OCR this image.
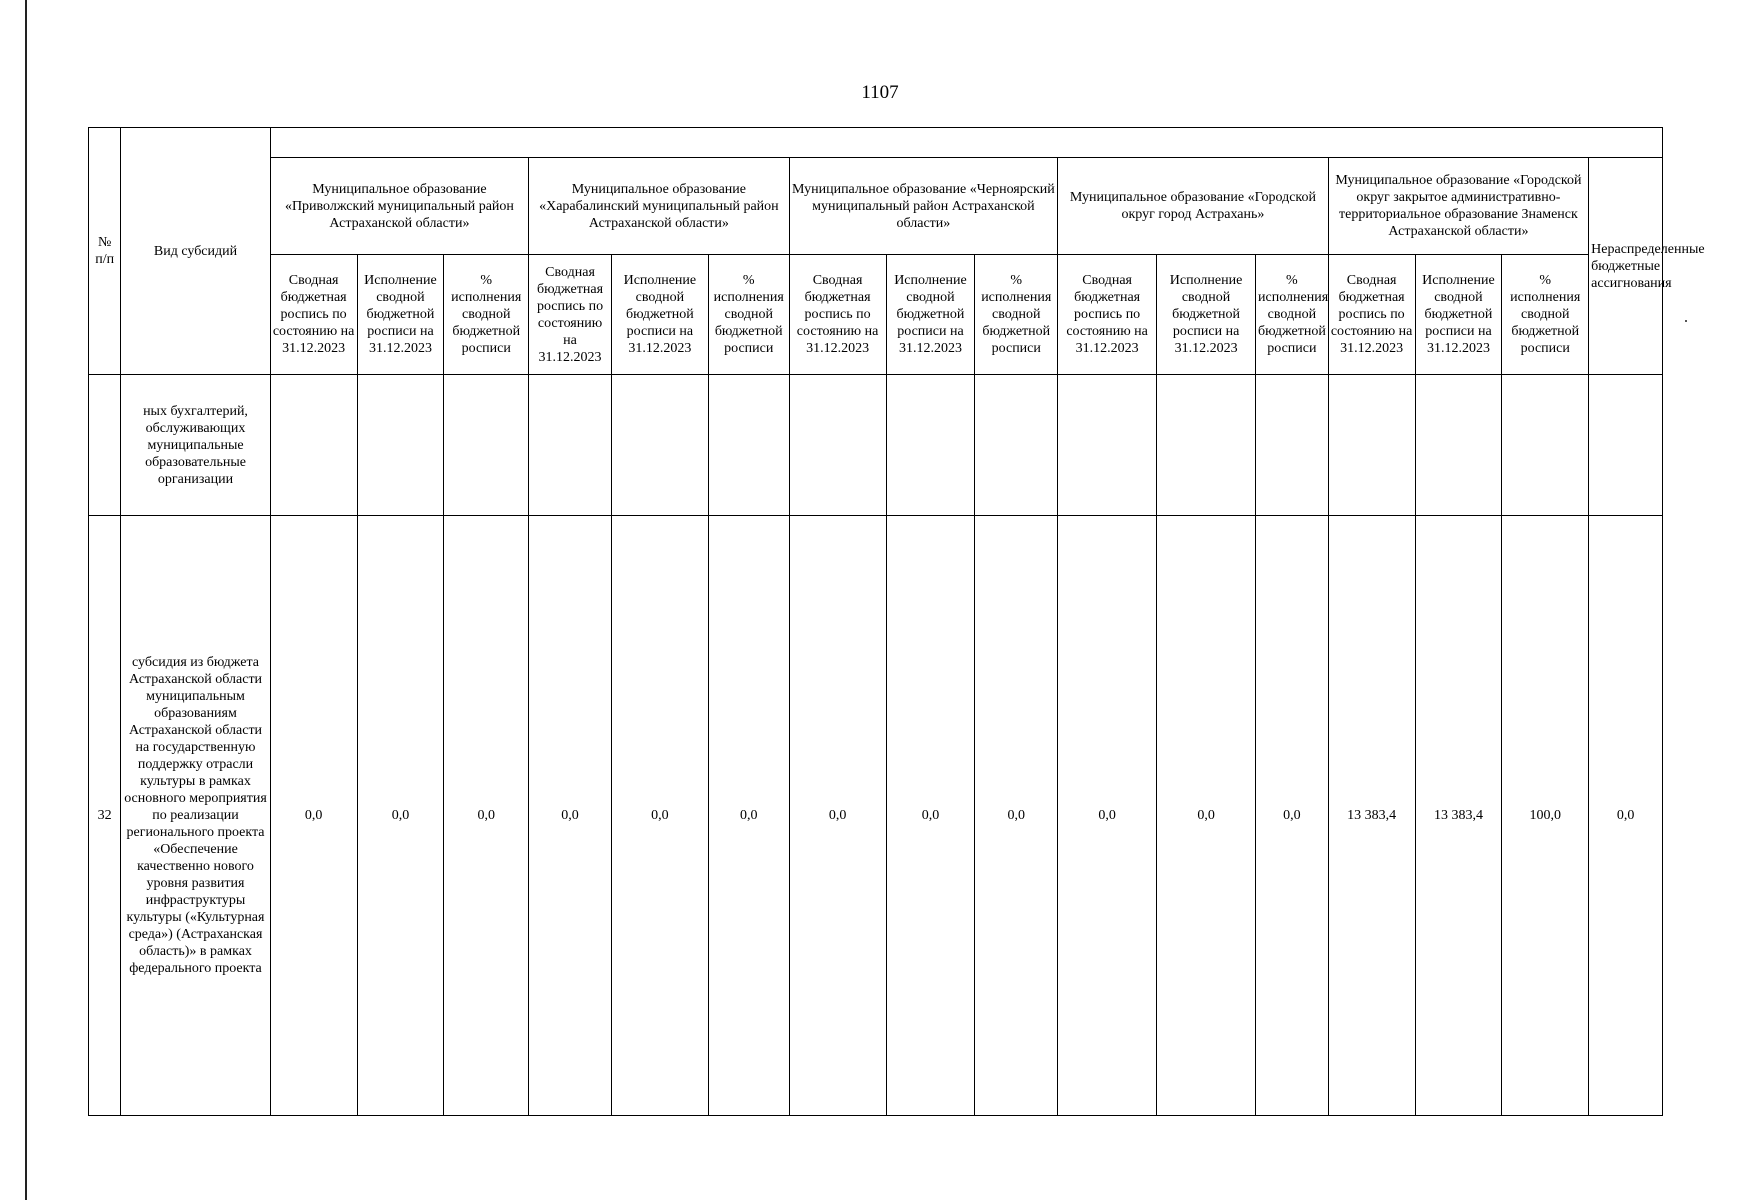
1107
№ п/п	Вид субсидий																
		Муниципальное образование «Приволжский муниципальный район Астраханской области»			Муниципальное образование «Харабалинский муниципальный район Астраханской области»			Муниципальное образование «Черноярский муниципальный район Астраханской области»			Муниципальное образование «Городской округ город Астрахань»			Муниципальное образование «Городской округ закрытое административно-территориальное образование Знаменск Астраханской области»			Нераспределенные бюджетные ассигнования
		Сводная бюджетная роспись по состоянию на 31.12.2023	Исполнение сводной бюджетной росписи на 31.12.2023	% исполнения сводной бюджетной росписи	Сводная бюджетная роспись по состоянию на 31.12.2023	Исполнение сводной бюджетной росписи на 31.12.2023	% исполнения сводной бюджетной росписи	Сводная бюджетная роспись по состоянию на 31.12.2023	Исполнение сводной бюджетной росписи на 31.12.2023	% исполнения сводной бюджетной росписи	Сводная бюджетная роспись по состоянию на 31.12.2023	Исполнение сводной бюджетной росписи на 31.12.2023	% исполнения сводной бюджетной росписи	Сводная бюджетная роспись по состоянию на 31.12.2023	Исполнение сводной бюджетной росписи на 31.12.2023	% исполнения сводной бюджетной росписи	
	ных бухгалтерий, обслуживающих муниципальные образовательные организации																
32	субсидия из бюджета Астраханской области муниципальным образованиям Астраханской области на государственную поддержку отрасли культуры в рамках основного мероприятия по реализации регионального проекта «Обеспечение качественно нового уровня развития инфраструктуры культуры («Культурная среда») (Астраханская область)» в рамках федерального проекта	0,0	0,0	0,0	0,0	0,0	0,0	0,0	0,0	0,0	0,0	0,0	0,0	13 383,4	13 383,4	100,0	0,0
